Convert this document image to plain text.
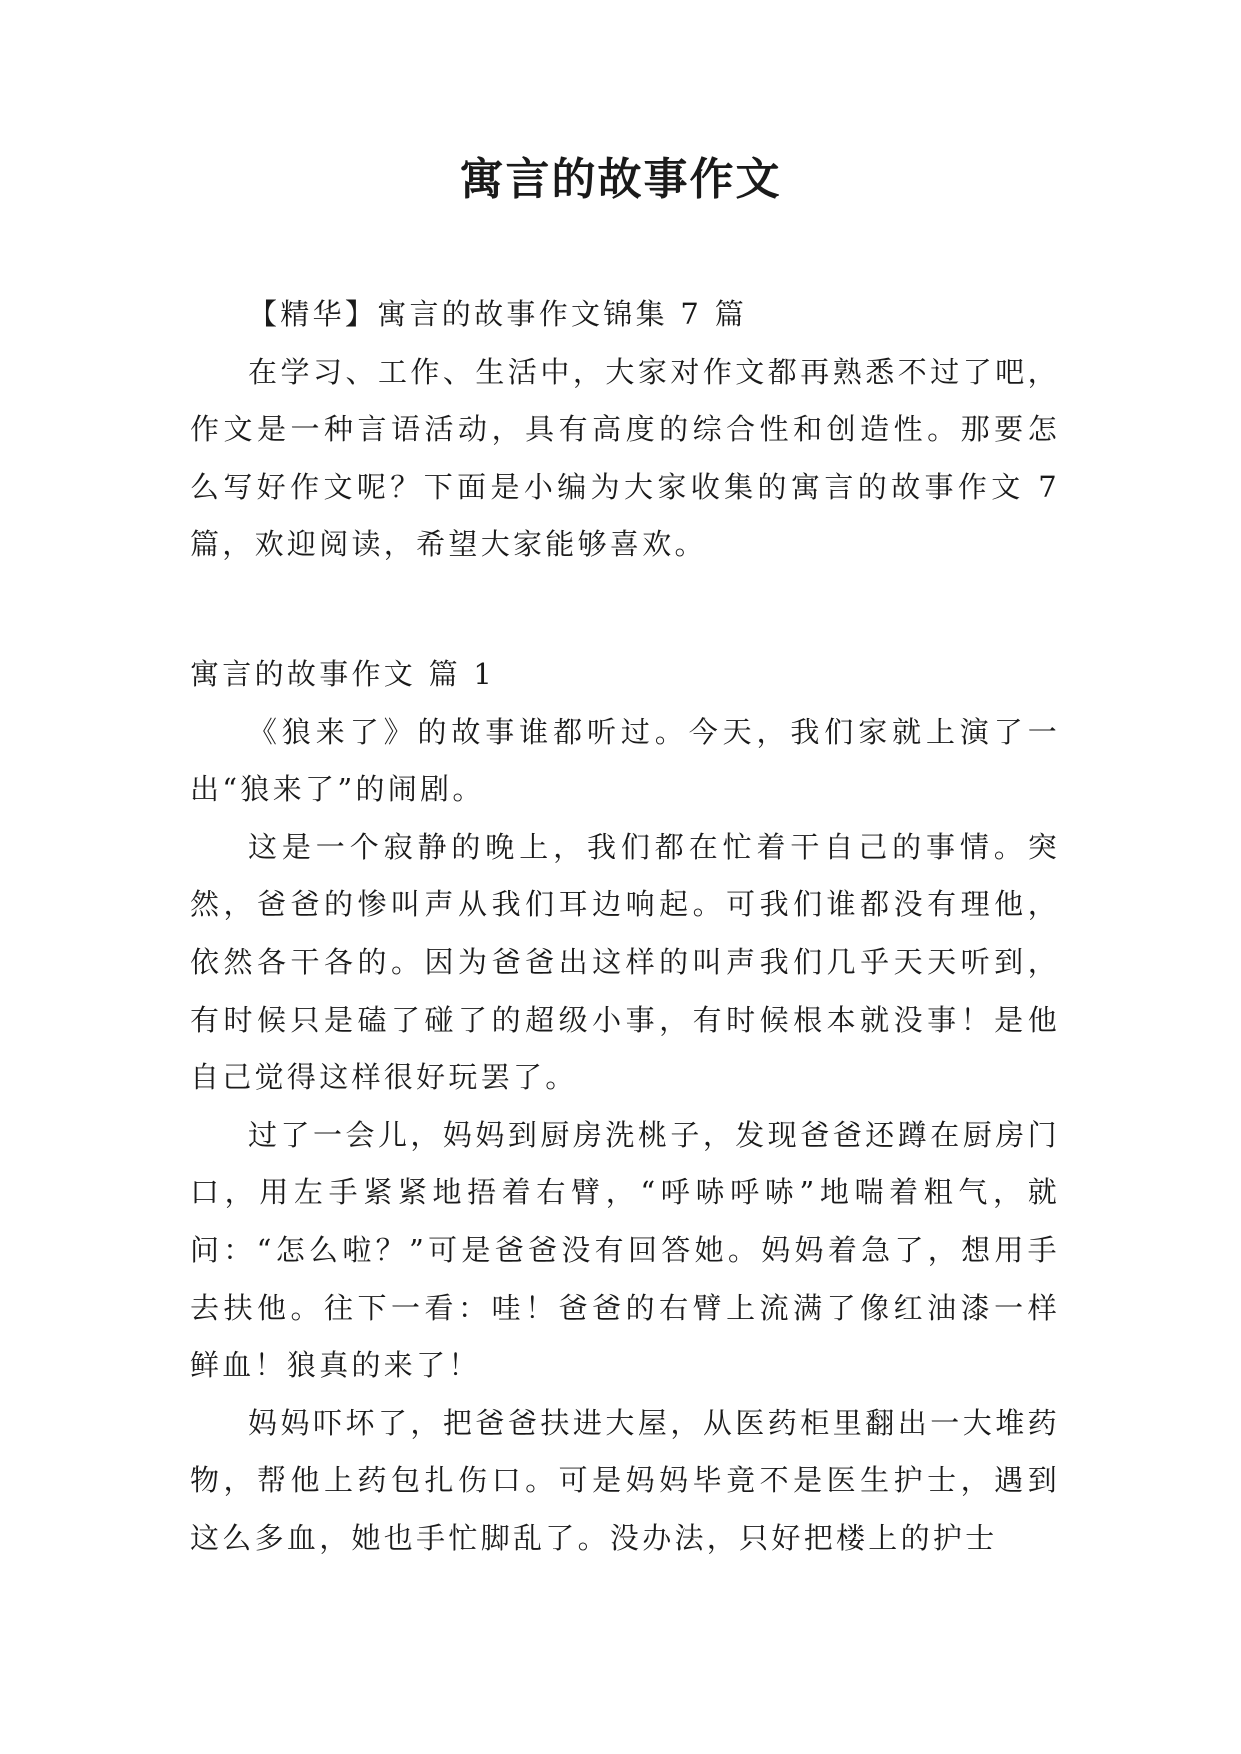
寓言的故事作文

【精华】寓言的故事作文锦集 7 篇

在学习、工作、生活中，大家对作文都再熟悉不过了吧，作文是一种言语活动，具有高度的综合性和创造性。那要怎么写好作文呢？下面是小编为大家收集的寓言的故事作文 7 篇，欢迎阅读，希望大家能够喜欢。

寓言的故事作文 篇 1

《狼来了》的故事谁都听过。今天，我们家就上演了一出“狼来了”的闹剧。

这是一个寂静的晚上，我们都在忙着干自己的事情。突然，爸爸的惨叫声从我们耳边响起。可我们谁都没有理他，依然各干各的。因为爸爸出这样的叫声我们几乎天天听到，有时候只是磕了碰了的超级小事，有时候根本就没事！是他自己觉得这样很好玩罢了。

过了一会儿，妈妈到厨房洗桃子，发现爸爸还蹲在厨房门口，用左手紧紧地捂着右臂，“呼哧呼哧”地喘着粗气，就问：“怎么啦？”可是爸爸没有回答她。妈妈着急了，想用手去扶他。往下一看：哇！爸爸的右臂上流满了像红油漆一样鲜血！狼真的来了！

妈妈吓坏了，把爸爸扶进大屋，从医药柜里翻出一大堆药物，帮他上药包扎伤口。可是妈妈毕竟不是医生护士，遇到这么多血，她也手忙脚乱了。没办法，只好把楼上的护士
